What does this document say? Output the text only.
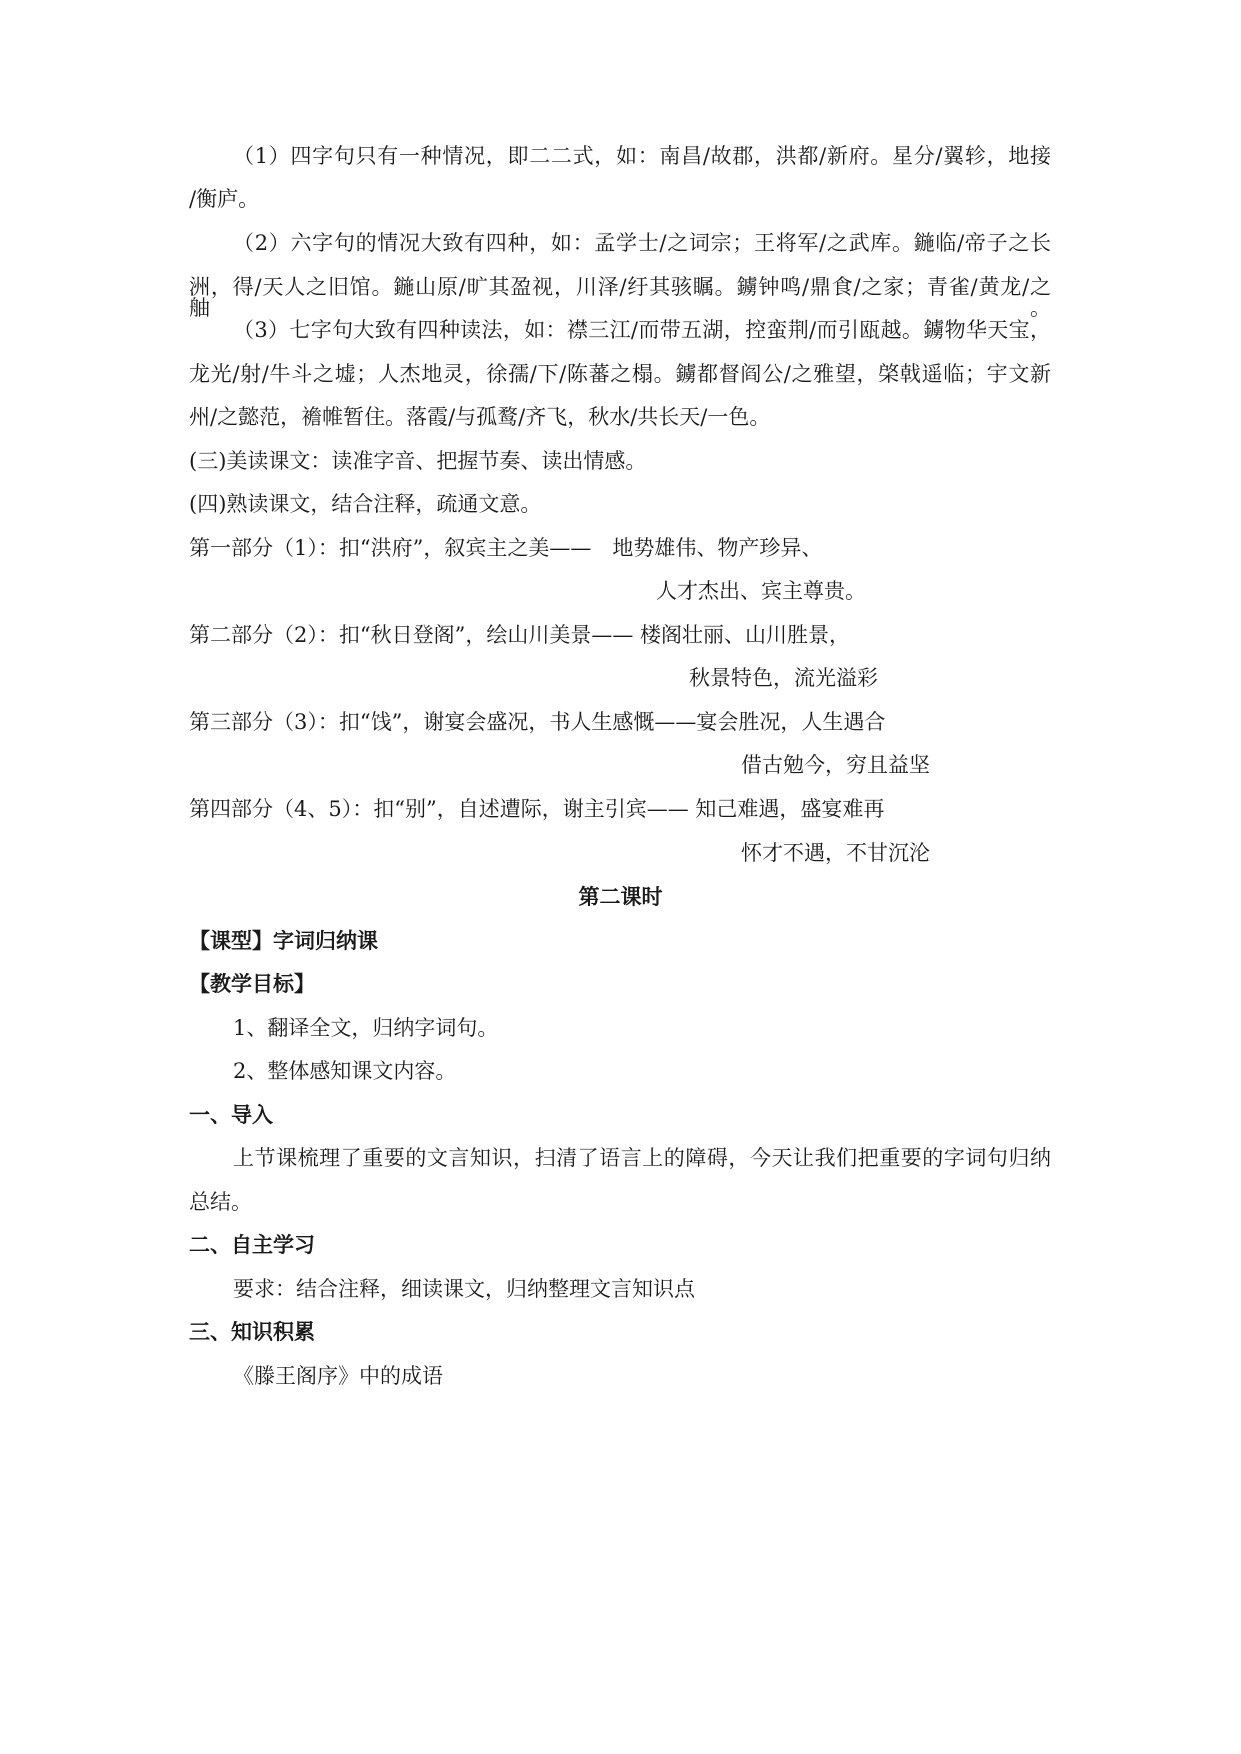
（1）四字句只有一种情况，即二二式，如：南昌/故郡，洪都/新府。星分/翼轸，地接
/衡庐。
（2）六字句的情况大致有四种，如：孟学士/之词宗；王将军/之武库。鍦临/帝子之长
洲，得/天人之旧馆。鍦山原/旷其盈视，川泽/纡其骇瞩。鐪钟鸣/鼎食/之家；青雀/黄龙/之舳。
（3）七字句大致有四种读法，如：襟三江/而带五湖，控蛮荆/而引瓯越。鐪物华天宝，
龙光/射/牛斗之墟；人杰地灵，徐孺/下/陈蕃之榻。鐪都督阎公/之雅望，棨戟遥临；宇文新
州/之懿范，襜帷暂住。落霞/与孤鹜/齐飞，秋水/共长天/一色。
(三)美读课文：读准字音、把握节奏、读出情感。
(四)熟读课文，结合注释，疏通文意。
第一部分（1）：扣“洪府”，叙宾主之美——　地势雄伟、物产珍异、
人才杰出、宾主尊贵。
第二部分（2）：扣“秋日登阁”，绘山川美景—— 楼阁壮丽、山川胜景，
秋景特色，流光溢彩
第三部分（3）：扣“饯”，谢宴会盛况，书人生感慨——宴会胜况，人生遇合
借古勉今，穷且益坚
第四部分（4、5）：扣“别”，自述遭际，谢主引宾—— 知己难遇，盛宴难再
怀才不遇，不甘沉沦
第二课时
【课型】字词归纳课
【教学目标】
1、翻译全文，归纳字词句。
2、整体感知课文内容。
一、导入
上节课梳理了重要的文言知识，扫清了语言上的障碍，今天让我们把重要的字词句归纳
总结。
二、自主学习
要求：结合注释，细读课文，归纳整理文言知识点
三、知识积累
《滕王阁序》中的成语
